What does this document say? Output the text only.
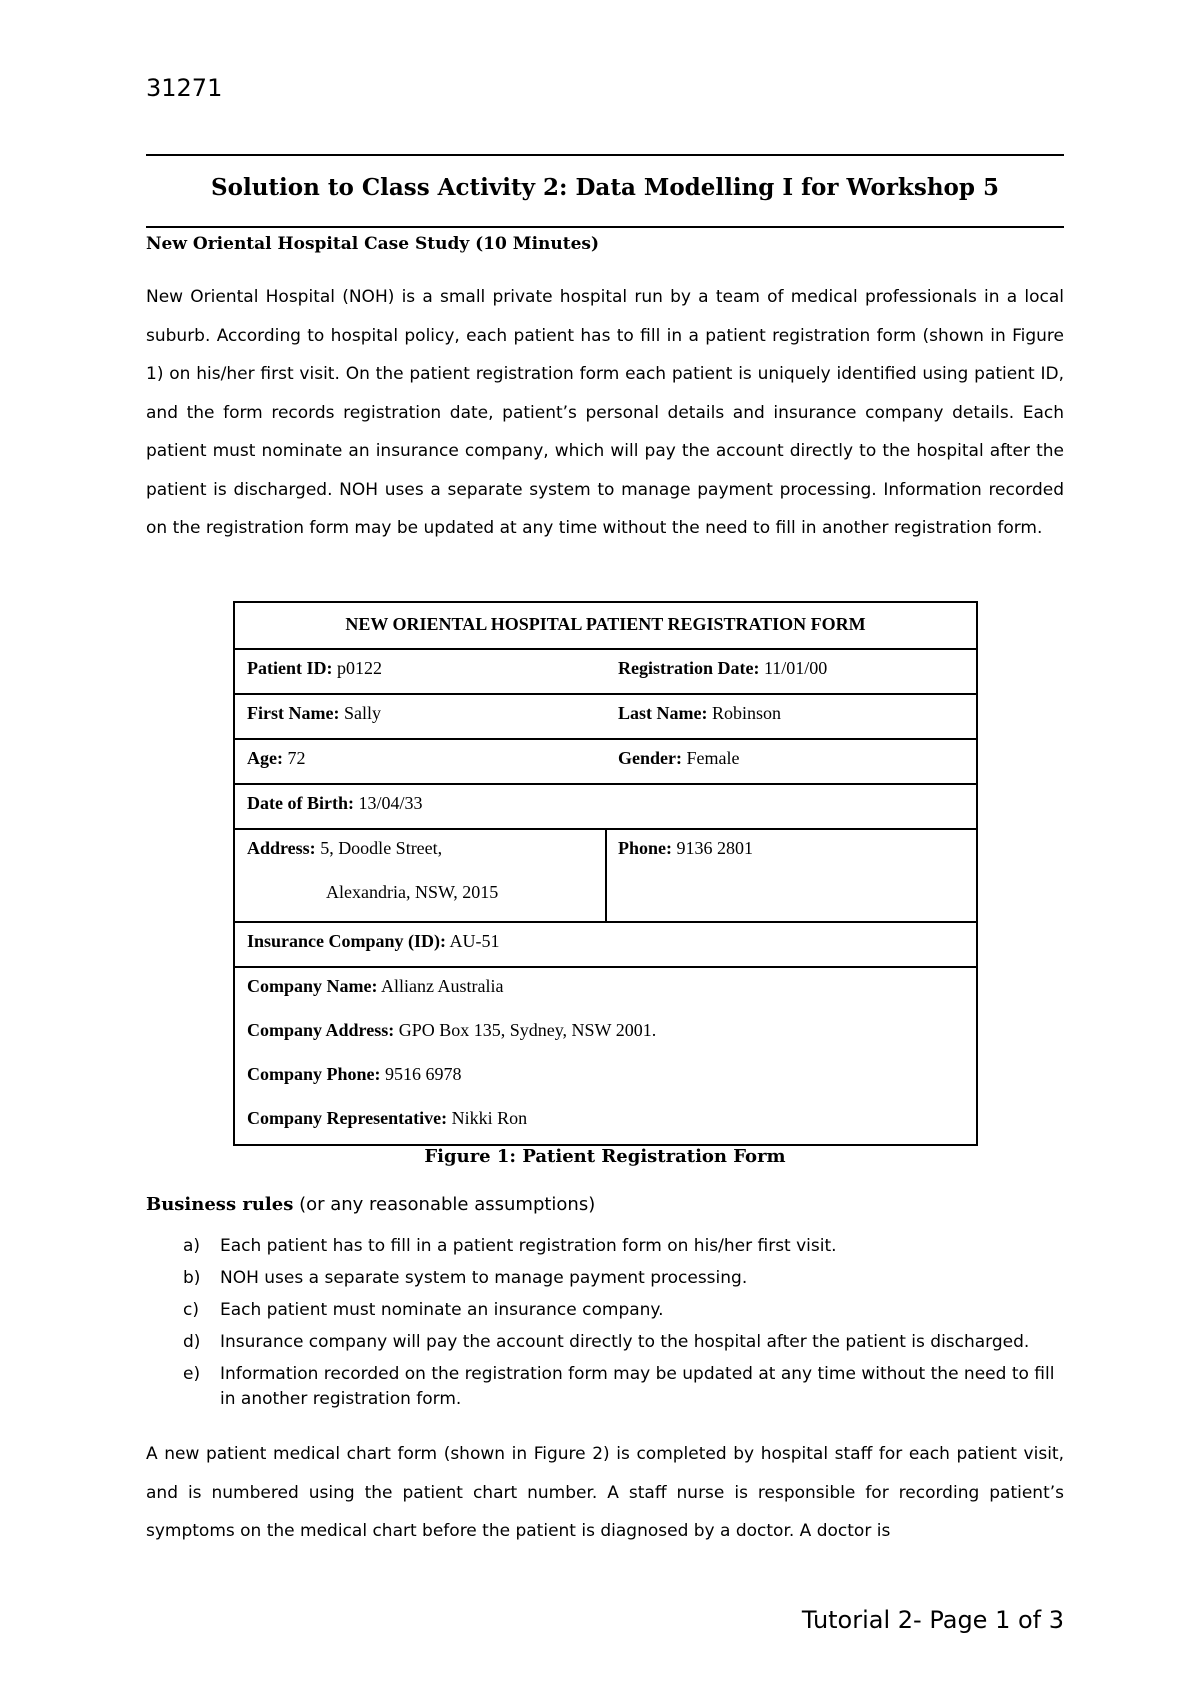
31271
Solution to Class Activity 2: Data Modelling I for Workshop 5
New Oriental Hospital Case Study (10 Minutes)
New Oriental Hospital (NOH) is a small private hospital run by a team of medical professionals in a local suburb. According to hospital policy, each patient has to fill in a patient registration form (shown in Figure 1) on his/her first visit. On the patient registration form each patient is uniquely identified using patient ID, and the form records registration date, patient’s personal details and insurance company details. Each patient must nominate an insurance company, which will pay the account directly to the hospital after the patient is discharged. NOH uses a separate system to manage payment processing. Information recorded on the registration form may be updated at any time without the need to fill in another registration form.
NEW ORIENTAL HOSPITAL PATIENT REGISTRATION FORM
Patient ID: p0122	Registration Date: 11/01/00
First Name: Sally	Last Name: Robinson
Age: 72	Gender: Female
Date of Birth: 13/04/33
Address: 5, Doodle Street,
Alexandria, NSW, 2015
Phone: 9136 2801
Insurance Company (ID): AU-51
Company Name: Allianz Australia
Company Address: GPO Box 135, Sydney, NSW 2001.
Company Phone: 9516 6978
Company Representative: Nikki Ron
Figure 1: Patient Registration Form
Business rules (or any reasonable assumptions)
a) Each patient has to fill in a patient registration form on his/her first visit.
b) NOH uses a separate system to manage payment processing.
c) Each patient must nominate an insurance company.
d) Insurance company will pay the account directly to the hospital after the patient is discharged.
e) Information recorded on the registration form may be updated at any time without the need to fill in another registration form.
A new patient medical chart form (shown in Figure 2) is completed by hospital staff for each patient visit, and is numbered using the patient chart number. A staff nurse is responsible for recording patient’s symptoms on the medical chart before the patient is diagnosed by a doctor. A doctor is
Tutorial 2- Page 1 of 3
